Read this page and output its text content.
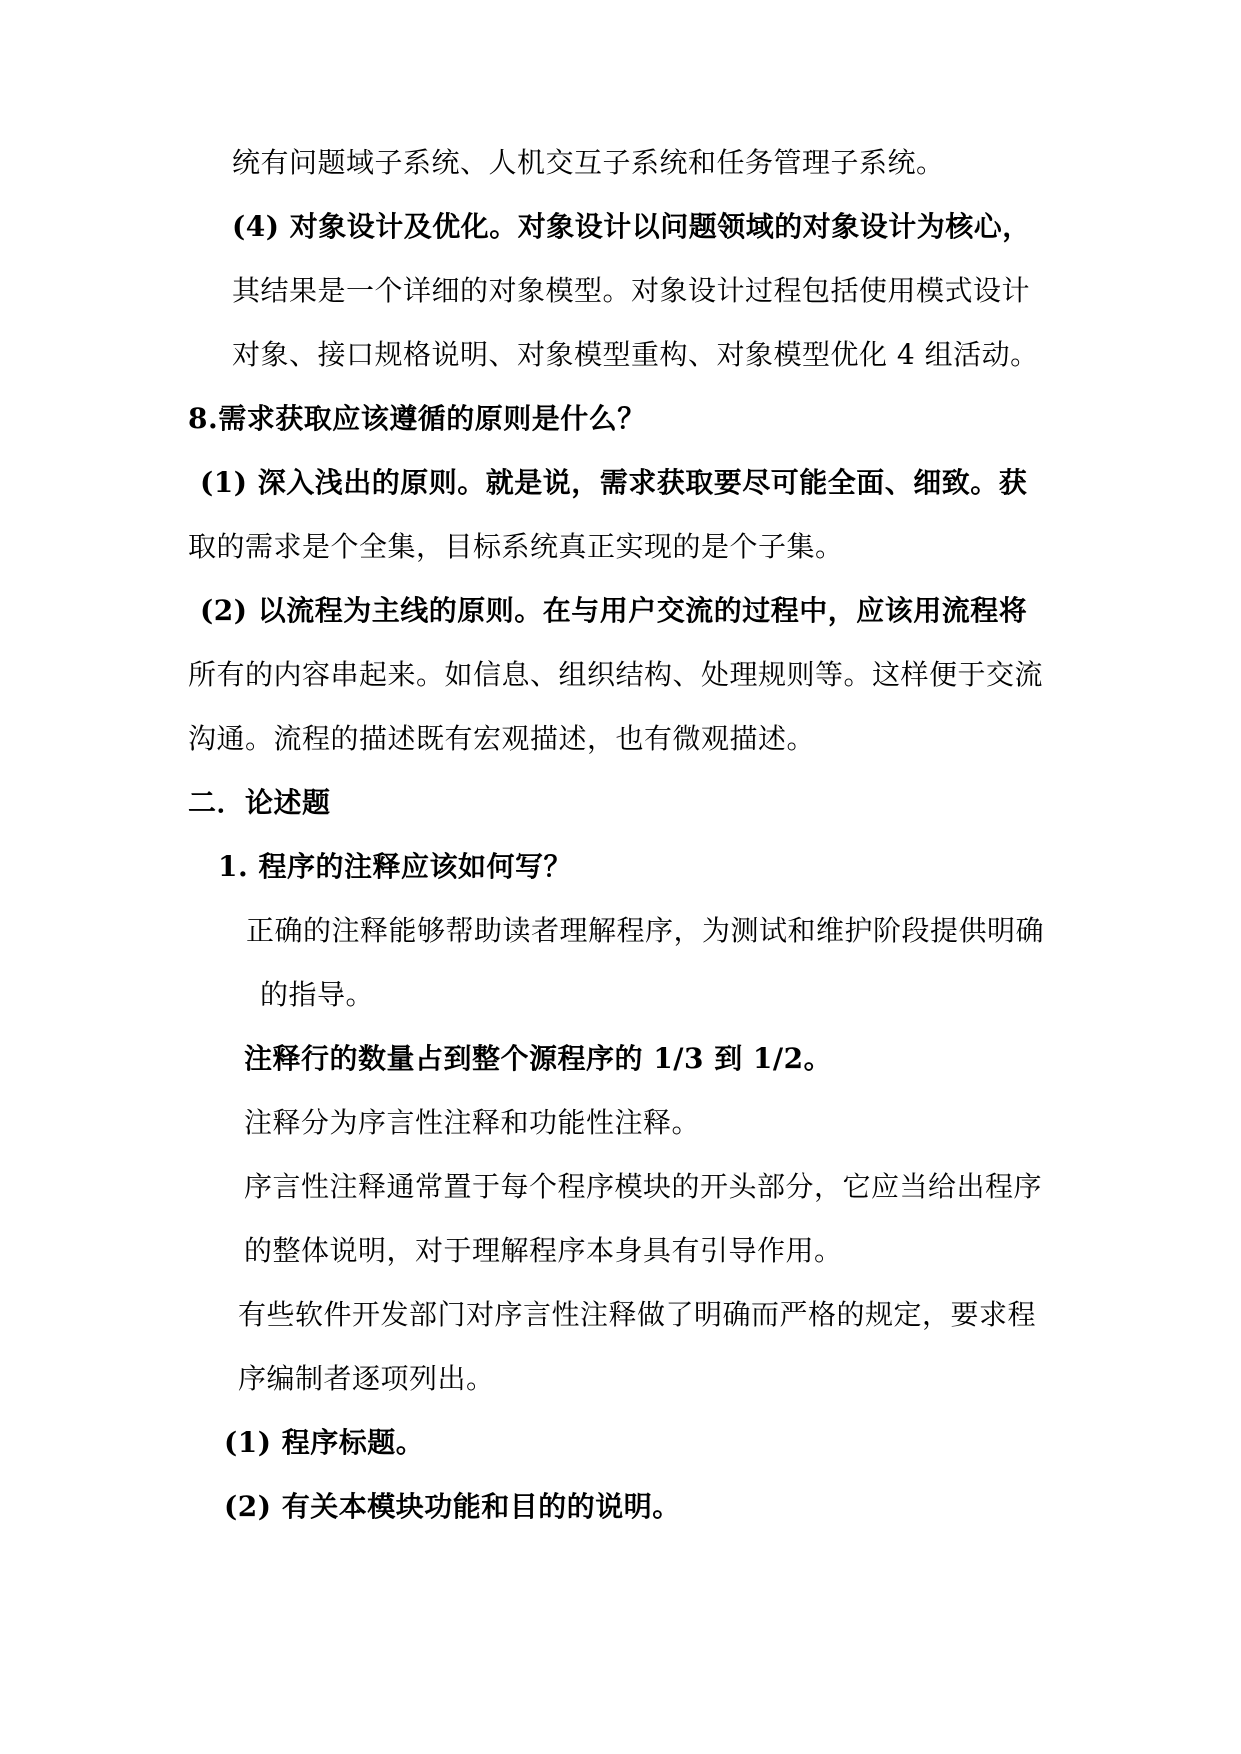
统有问题域子系统、人机交互子系统和任务管理子系统。
(4) 对象设计及优化。对象设计以问题领域的对象设计为核心，
其结果是一个详细的对象模型。对象设计过程包括使用模式设计
对象、接口规格说明、对象模型重构、对象模型优化 4 组活动。
8.需求获取应该遵循的原则是什么？
(1) 深入浅出的原则。就是说，需求获取要尽可能全面、细致。获
取的需求是个全集，目标系统真正实现的是个子集。
(2) 以流程为主线的原则。在与用户交流的过程中，应该用流程将
所有的内容串起来。如信息、组织结构、处理规则等。这样便于交流
沟通。流程的描述既有宏观描述，也有微观描述。
二．论述题
1. 程序的注释应该如何写？
正确的注释能够帮助读者理解程序，为测试和维护阶段提供明确
的指导。
注释行的数量占到整个源程序的 1/3 到 1/2。
注释分为序言性注释和功能性注释。
序言性注释通常置于每个程序模块的开头部分，它应当给出程序
的整体说明，对于理解程序本身具有引导作用。
有些软件开发部门对序言性注释做了明确而严格的规定，要求程
序编制者逐项列出。
(1) 程序标题。
(2) 有关本模块功能和目的的说明。
